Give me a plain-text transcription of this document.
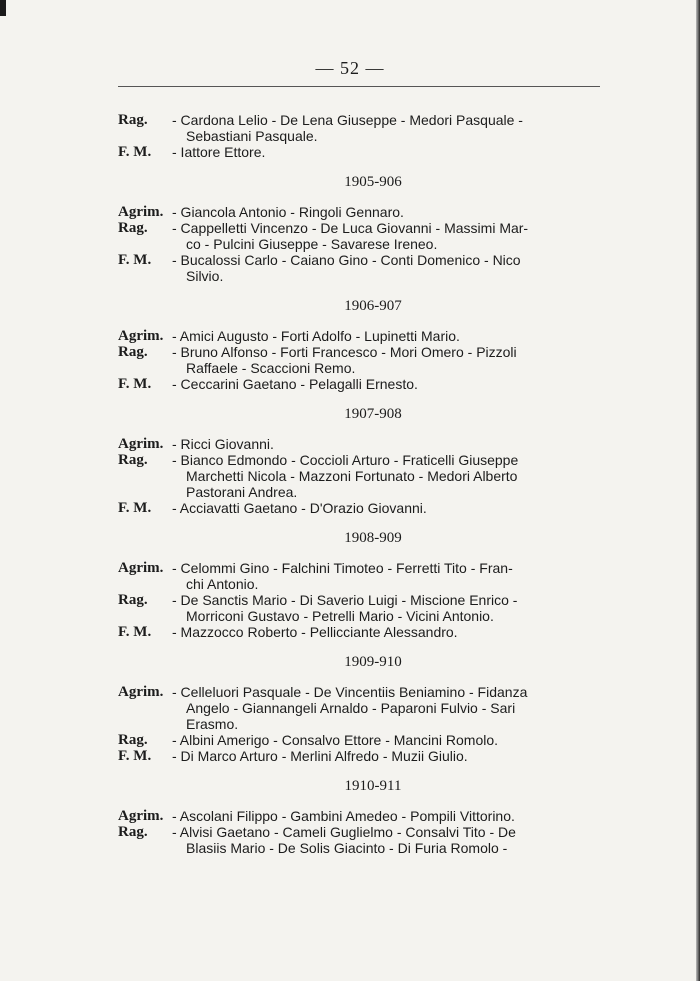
— 52 —
Rag.	- Cardona Lelio - De Lena Giuseppe - Medori Pasquale -
Sebastiani Pasquale.
F. M.	- Iattore Ettore.
1905-906
Agrim. - Giancola Antonio - Ringoli Gennaro.
Rag.	- Cappelletti Vincenzo - De Luca Giovanni - Massimi Mar-
co - Pulcini Giuseppe - Savarese Ireneo.
F. M.	- Bucalossi Carlo - Caiano Gino - Conti Domenico - Nico
Silvio.
1906-907
Agrim. - Amici Augusto - Forti Adolfo - Lupinetti Mario.
Rag.	- Bruno Alfonso - Forti Francesco - Mori Omero - Pizzoli
Raffaele - Scaccioni Remo.
F. M.	- Ceccarini Gaetano - Pelagalli Ernesto.
1907-908
Agrim. - Ricci Giovanni.
Rag.	- Bianco Edmondo - Coccioli Arturo - Fraticelli Giuseppe
Marchetti Nicola - Mazzoni Fortunato - Medori Alberto
Pastorani Andrea.
F. M.	- Acciavatti Gaetano - D'Orazio Giovanni.
1908-909
Agrim. - Celommi Gino - Falchini Timoteo - Ferretti Tito - Fran-
chi Antonio.
Rag.	- De Sanctis Mario - Di Saverio Luigi - Miscione Enrico -
Morriconi Gustavo - Petrelli Mario - Vicini Antonio.
F. M.	- Mazzocco Roberto - Pellicciante Alessandro.
1909-910
Agrim. - Celleluori Pasquale - De Vincentiis Beniamino - Fidanza
Angelo - Giannangeli Arnaldo - Paparoni Fulvio - Sari
Erasmo.
Rag.	- Albini Amerigo - Consalvo Ettore - Mancini Romolo.
F. M.	- Di Marco Arturo - Merlini Alfredo - Muzii Giulio.
1910-911
Agrim. - Ascolani Filippo - Gambini Amedeo - Pompili Vittorino.
Rag.	- Alvisi Gaetano - Cameli Guglielmo - Consalvi Tito - De
Blasiis Mario - De Solis Giacinto - Di Furia Romolo -
